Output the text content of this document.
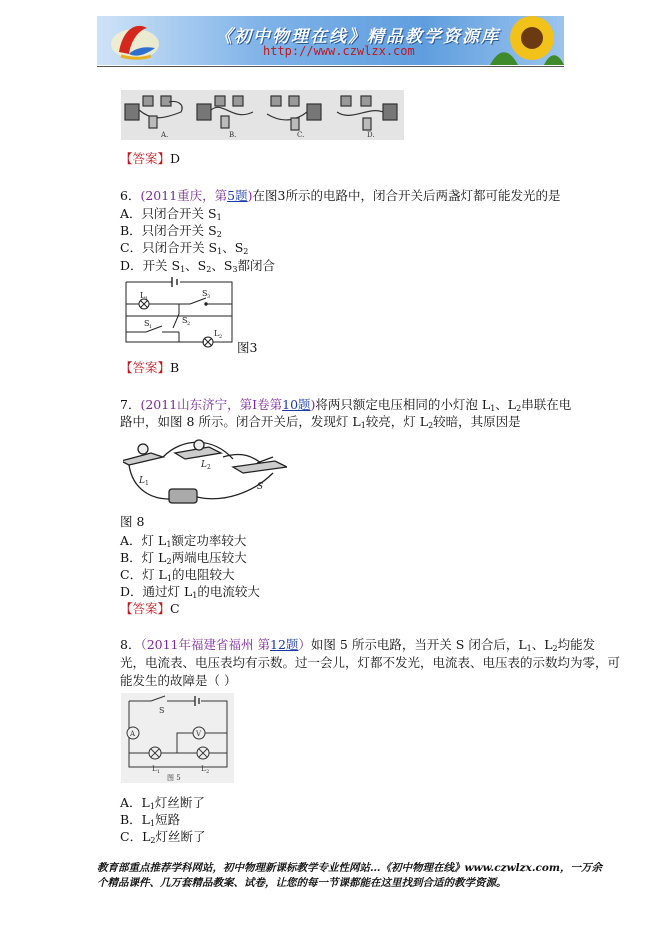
《初中物理在线》精品教学资源库
http://www.czwlzx.com
A.	B.	C.	D.
【答案】D
6．(2011重庆，第5题)在图3所示的电路中，闭合开关后两盏灯都可能发光的是
A．只闭合开关 $S_1$
B．只闭合开关 $S_2$
C．只闭合开关 $S_1$、$S_2$
D．开关 $S_1$、$S_2$、$S_3$都闭合
L 1
S 3
S 1
S 2
L 2
图3
【答案】B
7．(2011山东济宁，第Ⅰ卷第10题)将两只额定电压相同的小灯泡 $L_1$、$L_2$串联在电
路中，如图 8 所示。闭合开关后，发现灯 $L_1$较亮，灯 $L_2$较暗，其原因是
L 1
L 2
S
图 8
A．灯 $L_1$额定功率较大
B．灯 $L_2$两端电压较大
C．灯 $L_1$的电阻较大
D．通过灯 $L_1$的电流较大
【答案】C
8．（2011年福建省福州 第12题）如图 5 所示电路，当开关 S 闭合后，$L_1$、$L_2$均能发
光，电流表、电压表均有示数。过一会儿，灯都不发光，电流表、电压表的示数均为零，可
能发生的故障是（ ）
S
A	V
L 1	L 2
图 5
A．$L_1$灯丝断了
B．$L_1$短路
C．$L_2$灯丝断了
教育部重点推荐学科网站，初中物理新课标教学专业性网站…《初中物理在线》www.czwlzx.com，一万余
个精品课件、几万套精品教案、试卷，让您的每一节课都能在这里找到合适的教学资源。
